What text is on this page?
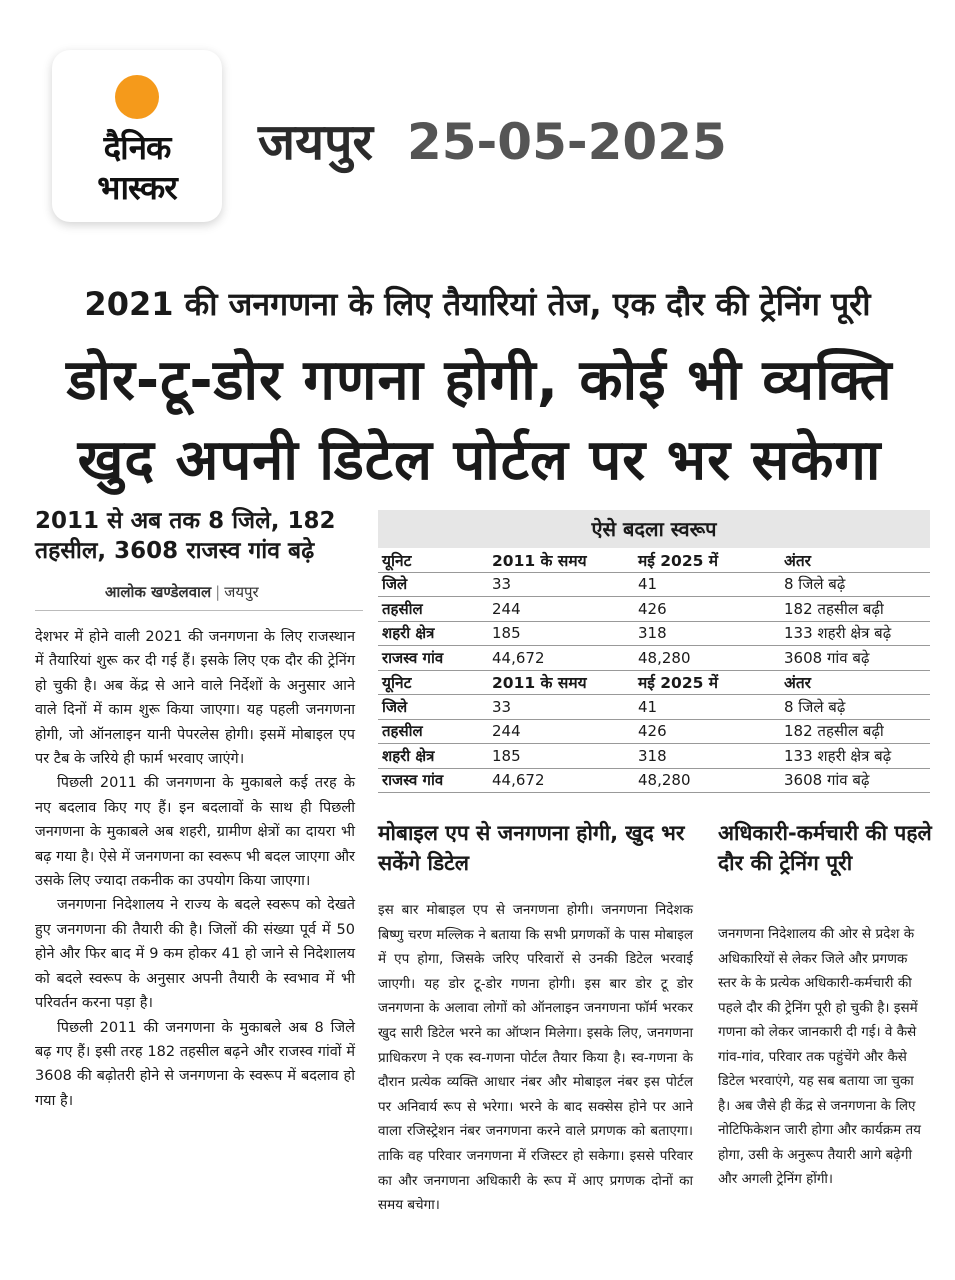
दैनिक
भास्कर
जयपुर 25-05-2025
2021 की जनगणना के लिए तैयारियां तेज, एक दौर की ट्रेनिंग पूरी
डोर-टू-डोर गणना होगी, कोई भी व्यक्ति
खुद अपनी डिटेल पोर्टल पर भर सकेगा
2011 से अब तक 8 जिले, 182 तहसील, 3608 राजस्व गांव बढ़े
आलोक खण्डेलवाल | जयपुर

देशभर में होने वाली 2021 की जनगणना के लिए राजस्थान में तैयारियां शुरू कर दी गई हैं। इसके लिए एक दौर की ट्रेनिंग हो चुकी है। अब केंद्र से आने वाले निर्देशों के अनुसार आने वाले दिनों में काम शुरू किया जाएगा। यह पहली जनगणना होगी, जो ऑनलाइन यानी पेपरलेस होगी। इसमें मोबाइल एप पर टैब के जरिये ही फार्म भरवाए जाएंगे।

पिछली 2011 की जनगणना के मुकाबले कई तरह के नए बदलाव किए गए हैं। इन बदलावों के साथ ही पिछली जनगणना के मुकाबले अब शहरी, ग्रामीण क्षेत्रों का दायरा भी बढ़ गया है। ऐसे में जनगणना का स्वरूप भी बदल जाएगा और उसके लिए ज्यादा तकनीक का उपयोग किया जाएगा।

जनगणना निदेशालय ने राज्य के बदले स्वरूप को देखते हुए जनगणना की तैयारी की है। जिलों की संख्या पूर्व में 50 होने और फिर बाद में 9 कम होकर 41 हो जाने से निदेशालय को बदले स्वरूप के अनुसार अपनी तैयारी के स्वभाव में भी परिवर्तन करना पड़ा है।

पिछली 2011 की जनगणना के मुकाबले अब 8 जिले बढ़ गए हैं। इसी तरह 182 तहसील बढ़ने और राजस्व गांवों में 3608 की बढ़ोतरी होने से जनगणना के स्वरूप में बदलाव हो गया है।

ऐसे बदला स्वरूप
यूनिट	2011 के समय	मई 2025 में	अंतर
जिले	33	41	8 जिले बढ़े
तहसील	244	426	182 तहसील बढ़ी
शहरी क्षेत्र	185	318	133 शहरी क्षेत्र बढ़े
राजस्व गांव	44,672	48,280	3608 गांव बढ़े
यूनिट	2011 के समय	मई 2025 में	अंतर
जिले	33	41	8 जिले बढ़े
तहसील	244	426	182 तहसील बढ़ी
शहरी क्षेत्र	185	318	133 शहरी क्षेत्र बढ़े
राजस्व गांव	44,672	48,280	3608 गांव बढ़े
मोबाइल एप से जनगणना होगी, खुद भर सकेंगे डिटेल

इस बार मोबाइल एप से जनगणना होगी। जनगणना निदेशक बिष्णु चरण मल्लिक ने बताया कि सभी प्रगणकों के पास मोबाइल में एप होगा, जिसके जरिए परिवारों से उनकी डिटेल भरवाई जाएगी। यह डोर टू-डोर गणना होगी। इस बार डोर टू डोर जनगणना के अलावा लोगों को ऑनलाइन जनगणना फॉर्म भरकर खुद सारी डिटेल भरने का ऑप्शन मिलेगा। इसके लिए, जनगणना प्राधिकरण ने एक स्व-गणना पोर्टल तैयार किया है। स्व-गणना के दौरान प्रत्येक व्यक्ति आधार नंबर और मोबाइल नंबर इस पोर्टल पर अनिवार्य रूप से भरेगा। भरने के बाद सक्सेस होने पर आने वाला रजिस्ट्रेशन नंबर जनगणना करने वाले प्रगणक को बताएगा। ताकि वह परिवार जनगणना में रजिस्टर हो सकेगा। इससे परिवार का और जनगणना अधिकारी के रूप में आए प्रगणक दोनों का समय बचेगा।

अधिकारी-कर्मचारी की पहले दौर की ट्रेनिंग पूरी

जनगणना निदेशालय की ओर से प्रदेश के अधिकारियों से लेकर जिले और प्रगणक स्तर के के प्रत्येक अधिकारी-कर्मचारी की पहले दौर की ट्रेनिंग पूरी हो चुकी है। इसमें गणना को लेकर जानकारी दी गई। वे कैसे गांव-गांव, परिवार तक पहुंचेंगे और कैसे डिटेल भरवाएंगे, यह सब बताया जा चुका है। अब जैसे ही केंद्र से जनगणना के लिए नोटिफिकेशन जारी होगा और कार्यक्रम तय होगा, उसी के अनुरूप तैयारी आगे बढ़ेगी और अगली ट्रेनिंग होंगी।
